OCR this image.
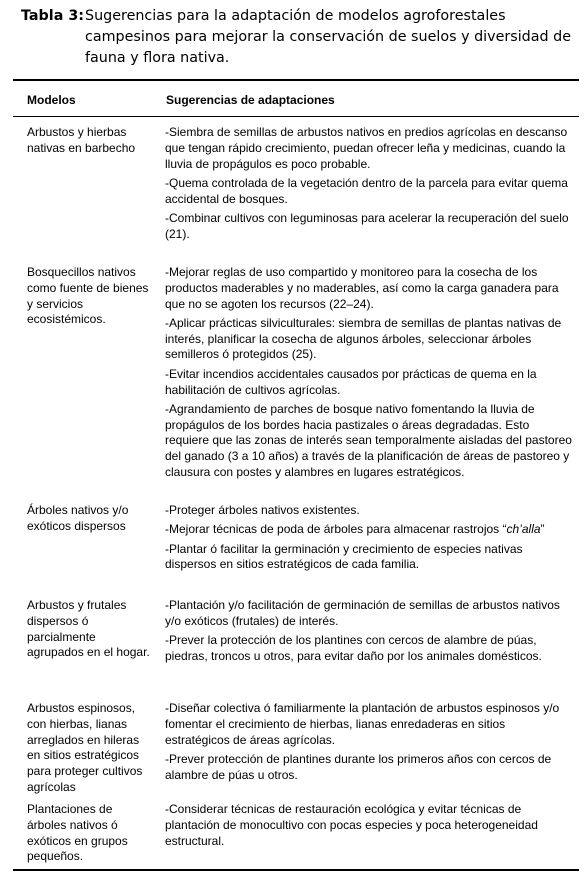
Tabla 3: Sugerencias para la adaptación de modelos agroforestales campesinos para mejorar la conservación de suelos y diversidad de fauna y flora nativa.
Modelos	Sugerencias de adaptaciones
Arbustos y hierbas nativas en barbecho

-Siembra de semillas de arbustos nativos en predios agrícolas en descanso que tengan rápido crecimiento, puedan ofrecer leña y medicinas, cuando la lluvia de propágulos es poco probable.

-Quema controlada de la vegetación dentro de la parcela para evitar quema accidental de bosques.

-Combinar cultivos con leguminosas para acelerar la recuperación del suelo (21).

Bosquecillos nativos como fuente de bienes y servicios ecosistémicos.

-Mejorar reglas de uso compartido y monitoreo para la cosecha de los productos maderables y no maderables, así como la carga ganadera para que no se agoten los recursos (22–24).

-Aplicar prácticas silviculturales: siembra de semillas de plantas nativas de interés, planificar la cosecha de algunos árboles, seleccionar árboles semilleros ó protegidos (25).

-Evitar incendios accidentales causados por prácticas de quema en la habilitación de cultivos agrícolas.

-Agrandamiento de parches de bosque nativo fomentando la lluvia de propágulos de los bordes hacia pastizales o áreas degradadas. Esto requiere que las zonas de interés sean temporalmente aisladas del pastoreo del ganado (3 a 10 años) a través de la planificación de áreas de pastoreo y clausura con postes y alambres en lugares estratégicos.

Árboles nativos y/o exóticos dispersos

-Proteger árboles nativos existentes.

-Mejorar técnicas de poda de árboles para almacenar rastrojos “ch’alla”

-Plantar ó facilitar la germinación y crecimiento de especies nativas dispersos en sitios estratégicos de cada familia.

Arbustos y frutales dispersos ó parcialmente agrupados en el hogar.

-Plantación y/o facilitación de germinación de semillas de arbustos nativos y/o exóticos (frutales) de interés.

-Prever la protección de los plantines con cercos de alambre de púas, piedras, troncos u otros, para evitar daño por los animales domésticos.

Arbustos espinosos, con hierbas, lianas arreglados en hileras en sitios estratégicos para proteger cultivos agrícolas

-Diseñar colectiva ó familiarmente la plantación de arbustos espinosos y/o fomentar el crecimiento de hierbas, lianas enredaderas en sitios estratégicos de áreas agrícolas.

-Prever protección de plantines durante los primeros años con cercos de alambre de púas u otros.

Plantaciones de árboles nativos ó exóticos en grupos pequeños.

-Considerar técnicas de restauración ecológica y evitar técnicas de plantación de monocultivo con pocas especies y poca heterogeneidad estructural.
